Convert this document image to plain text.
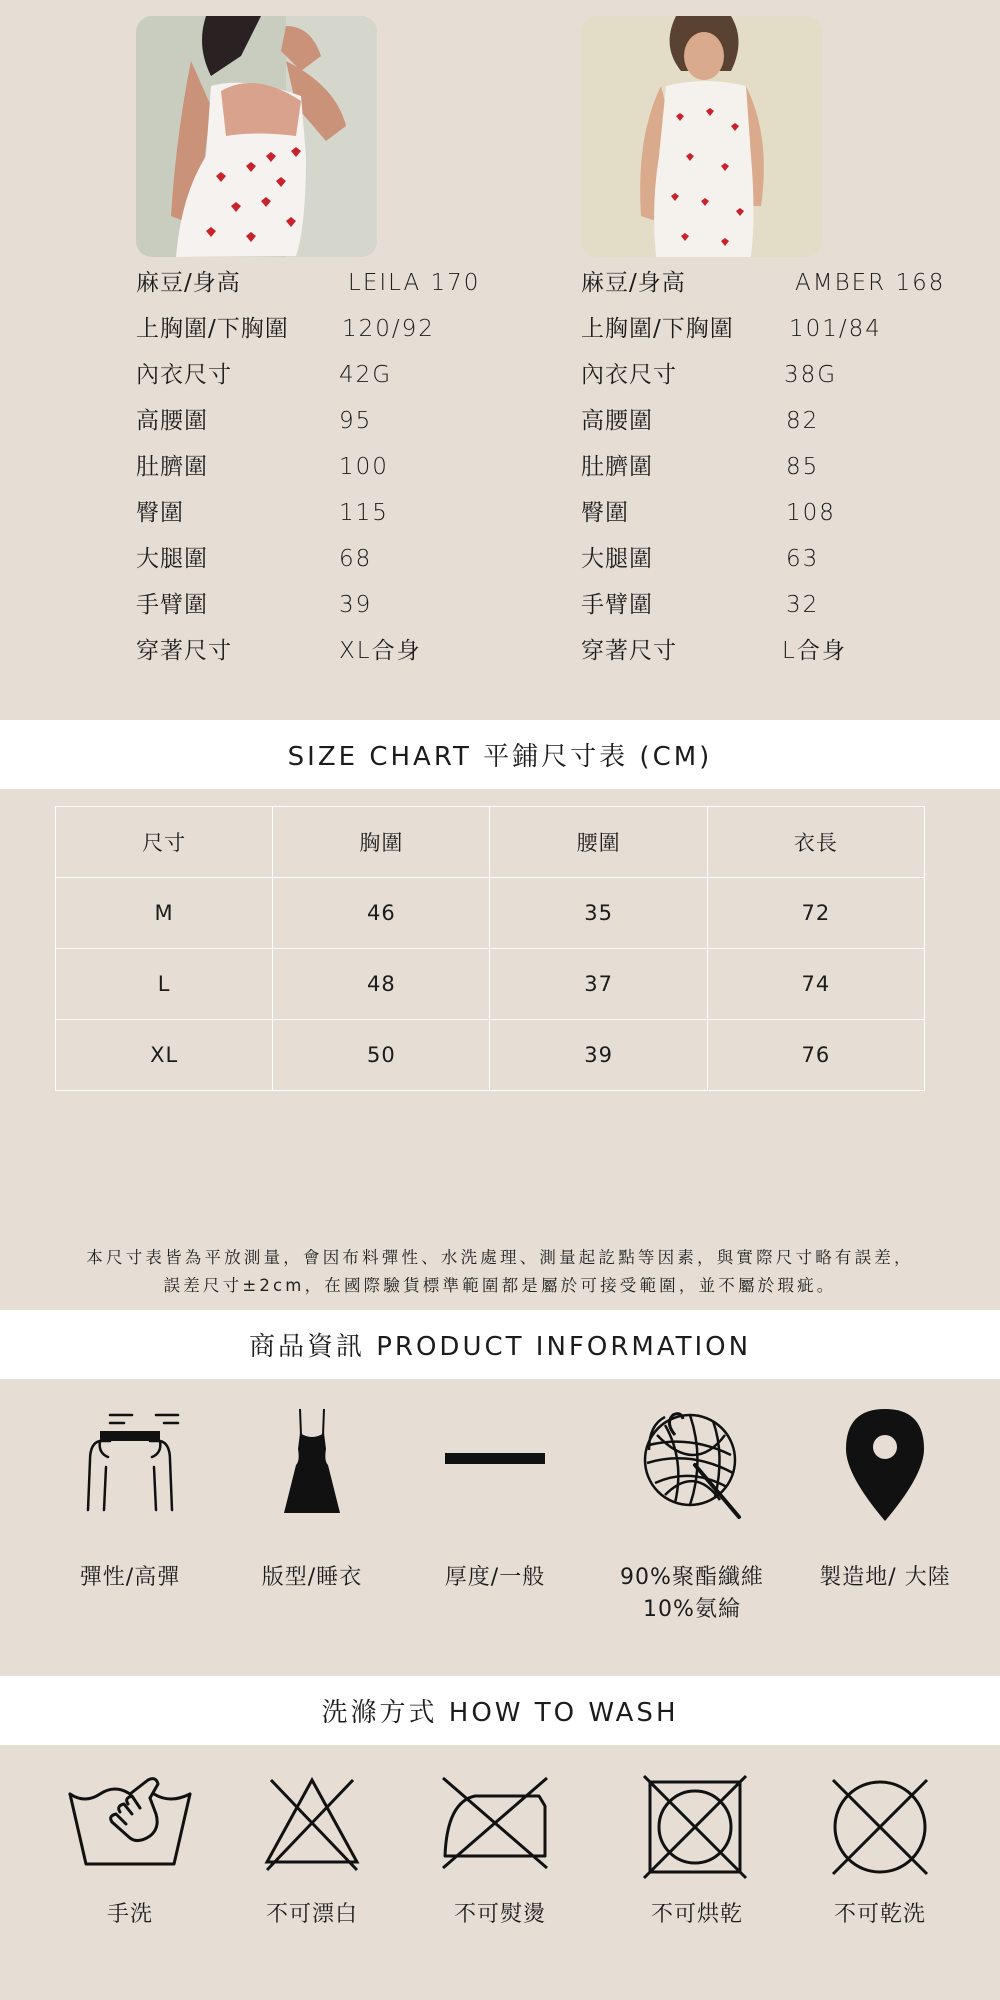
麻豆/身高	LEILA 170
上胸圍/下胸圍 120/92
內衣尺寸	42G
高腰圍	95
肚臍圍	100
臀圍	115
大腿圍	68
手臂圍	39
穿著尺寸	XL合身
麻豆/身高	AMBER 168
上胸圍/下胸圍 101/84
內衣尺寸	38G
高腰圍	82
肚臍圍	85
臀圍	108
大腿圍	63
手臂圍	32
穿著尺寸	L合身
SIZE CHART 平鋪尺寸表 (CM)
尺寸	胸圍	腰圍	衣長
M	46	35	72
L	48	37	74
XL	50	39	76
本尺寸表皆為平放測量，會因布料彈性、水洗處理、測量起訖點等因素，與實際尺寸略有誤差，
誤差尺寸±2cm，在國際驗貨標準範圍都是屬於可接受範圍，並不屬於瑕疵。
商品資訊 PRODUCT INFORMATION
彈性/高彈	版型/睡衣	厚度/一般	90%聚酯纖維
10%氨綸
製造地/ 大陸
洗滌方式 HOW TO WASH
手洗	不可漂白	不可熨燙	不可烘乾	不可乾洗
